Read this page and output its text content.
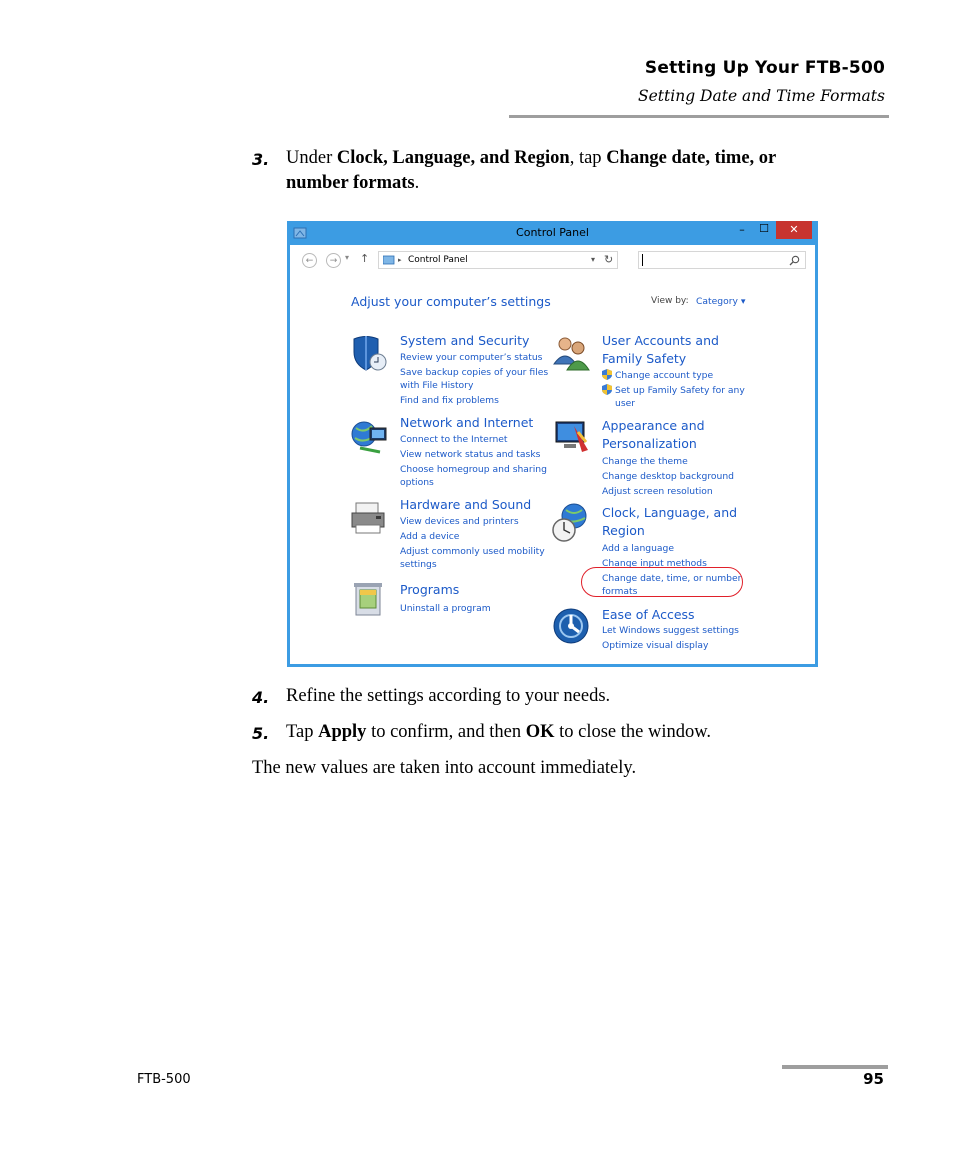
Setting Up Your FTB-500
Setting Date and Time Formats
3. Under Clock, Language, and Region, tap Change date, time, or
number formats.
Control Panel	–	☐	✕
←	→ ▾ ↑	▸ Control Panel	▾ ↻
Adjust your computer’s settings	View by: Category ▾
System and Security
Review your computer’s status
Save backup copies of your files
with File History
Find and fix problems
Network and Internet
Connect to the Internet
View network status and tasks
Choose homegroup and sharing
options
Hardware and Sound
View devices and printers
Add a device
Adjust commonly used mobility
settings
Programs
Uninstall a program
User Accounts and
Family Safety
Change account type
Set up Family Safety for any
user
Appearance and
Personalization
Change the theme
Change desktop background
Adjust screen resolution
Clock, Language, and
Region
Add a language
Change input methods
Change date, time, or number
formats
Ease of Access
Let Windows suggest settings
Optimize visual display
4. Refine the settings according to your needs.
5. Tap Apply to confirm, and then OK to close the window.
The new values are taken into account immediately.
FTB-500	95
